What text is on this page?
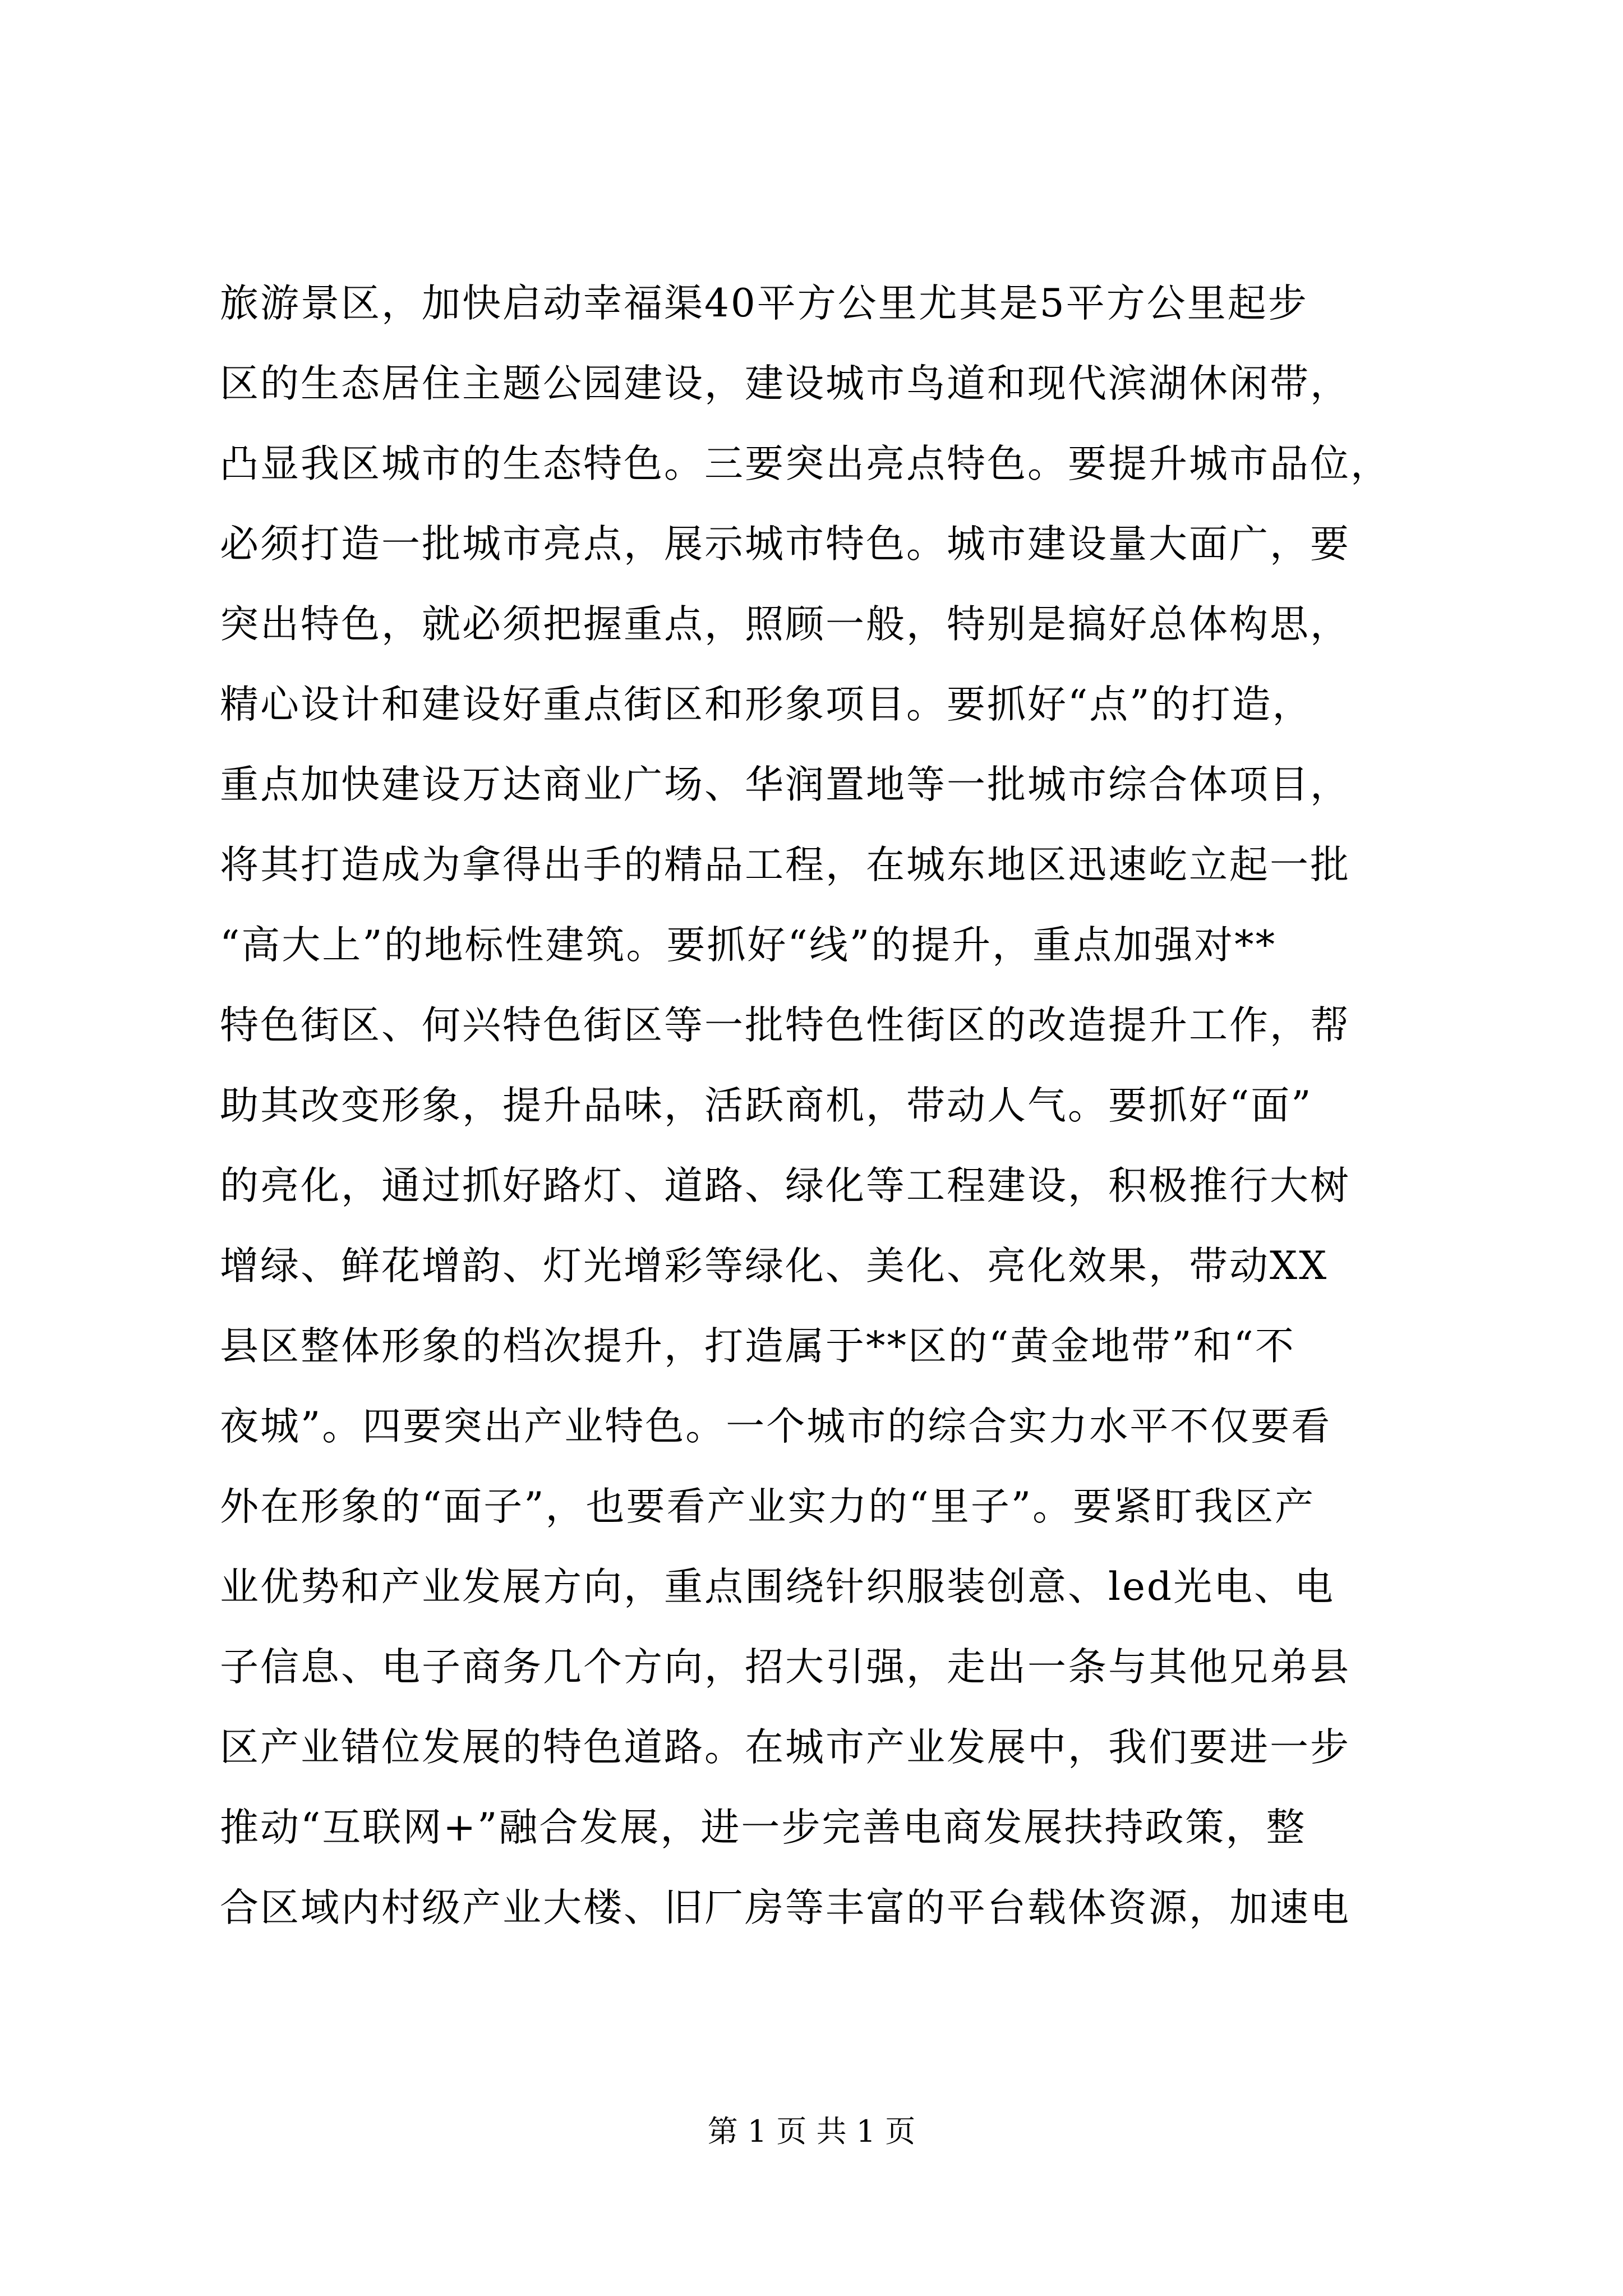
旅游景区，加快启动幸福渠40平方公里尤其是5平方公里起步
区的生态居住主题公园建设，建设城市鸟道和现代滨湖休闲带，
凸显我区城市的生态特色。三要突出亮点特色。要提升城市品位，
必须打造一批城市亮点，展示城市特色。城市建设量大面广，要
突出特色，就必须把握重点，照顾一般，特别是搞好总体构思，
精心设计和建设好重点街区和形象项目。要抓好“点”的打造，
重点加快建设万达商业广场、华润置地等一批城市综合体项目，
将其打造成为拿得出手的精品工程，在城东地区迅速屹立起一批
“高大上”的地标性建筑。要抓好“线”的提升，重点加强对**
特色街区、何兴特色街区等一批特色性街区的改造提升工作，帮
助其改变形象，提升品味，活跃商机，带动人气。要抓好“面”
的亮化，通过抓好路灯、道路、绿化等工程建设，积极推行大树
增绿、鲜花增韵、灯光增彩等绿化、美化、亮化效果，带动XX
县区整体形象的档次提升，打造属于**区的“黄金地带”和“不
夜城”。四要突出产业特色。一个城市的综合实力水平不仅要看
外在形象的“面子”，也要看产业实力的“里子”。要紧盯我区产
业优势和产业发展方向，重点围绕针织服装创意、led光电、电
子信息、电子商务几个方向，招大引强，走出一条与其他兄弟县
区产业错位发展的特色道路。在城市产业发展中，我们要进一步
推动“互联网+”融合发展，进一步完善电商发展扶持政策，整
合区域内村级产业大楼、旧厂房等丰富的平台载体资源，加速电
第 1 页 共 1 页
